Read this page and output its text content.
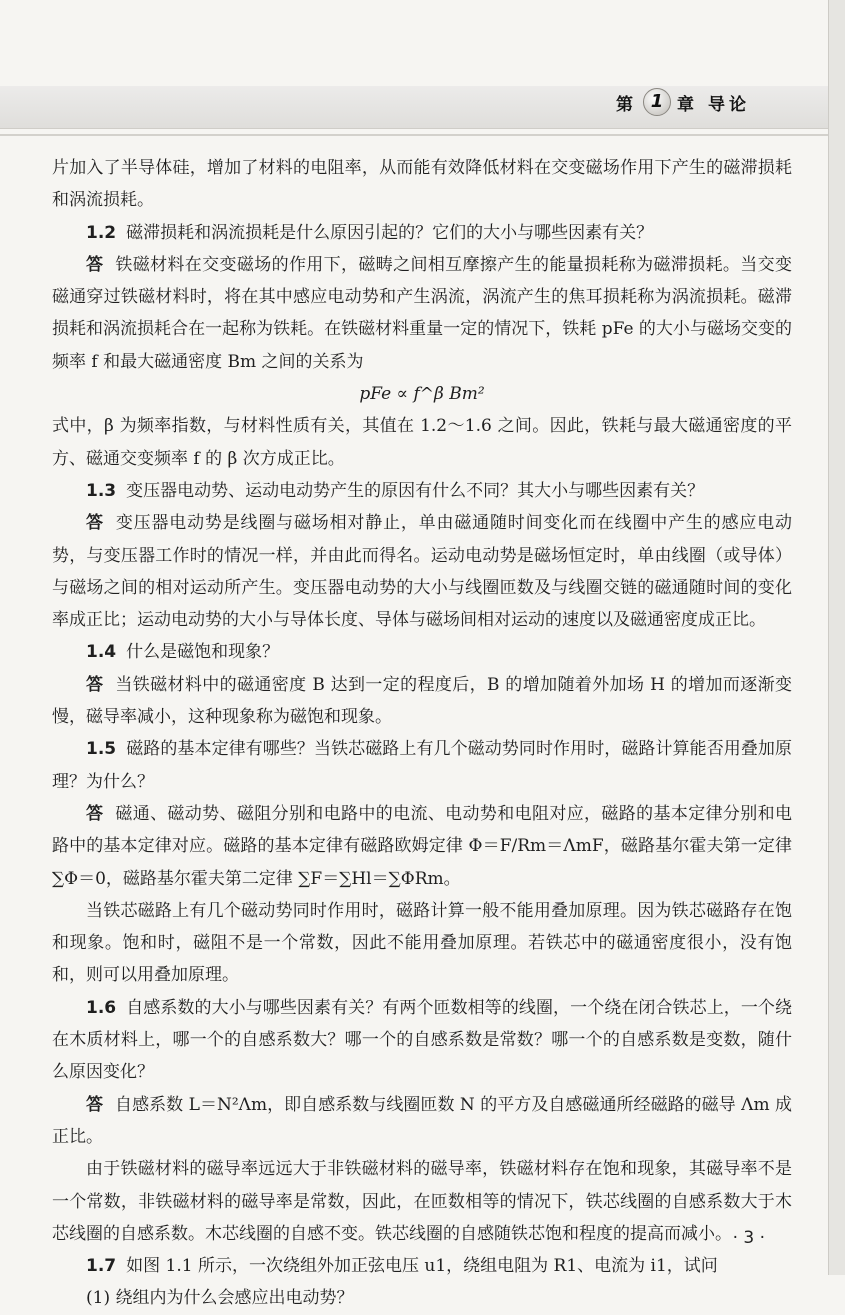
第 1 章 导论

片加入了半导体硅，增加了材料的电阻率，从而能有效降低材料在交变磁场作用下产生的磁滞损耗和涡流损耗。

1.2 磁滞损耗和涡流损耗是什么原因引起的？它们的大小与哪些因素有关？

答 铁磁材料在交变磁场的作用下，磁畴之间相互摩擦产生的能量损耗称为磁滞损耗。当交变磁通穿过铁磁材料时，将在其中感应电动势和产生涡流，涡流产生的焦耳损耗称为涡流损耗。磁滞损耗和涡流损耗合在一起称为铁耗。在铁磁材料重量一定的情况下，铁耗 pFe 的大小与磁场交变的频率 f 和最大磁通密度 Bm 之间的关系为

pFe ∝ f^β Bm²

式中，β 为频率指数，与材料性质有关，其值在 1.2～1.6 之间。因此，铁耗与最大磁通密度的平方、磁通交变频率 f 的 β 次方成正比。

1.3 变压器电动势、运动电动势产生的原因有什么不同？其大小与哪些因素有关？

答 变压器电动势是线圈与磁场相对静止，单由磁通随时间变化而在线圈中产生的感应电动势，与变压器工作时的情况一样，并由此而得名。运动电动势是磁场恒定时，单由线圈（或导体）与磁场之间的相对运动所产生。变压器电动势的大小与线圈匝数及与线圈交链的磁通随时间的变化率成正比；运动电动势的大小与导体长度、导体与磁场间相对运动的速度以及磁通密度成正比。

1.4 什么是磁饱和现象？

答 当铁磁材料中的磁通密度 B 达到一定的程度后，B 的增加随着外加场 H 的增加而逐渐变慢，磁导率减小，这种现象称为磁饱和现象。

1.5 磁路的基本定律有哪些？当铁芯磁路上有几个磁动势同时作用时，磁路计算能否用叠加原理？为什么？

答 磁通、磁动势、磁阻分别和电路中的电流、电动势和电阻对应，磁路的基本定律分别和电路中的基本定律对应。磁路的基本定律有磁路欧姆定律 Φ＝F/Rm＝ΛmF，磁路基尔霍夫第一定律 ∑Φ＝0，磁路基尔霍夫第二定律 ∑F＝∑Hl＝∑ΦRm。

当铁芯磁路上有几个磁动势同时作用时，磁路计算一般不能用叠加原理。因为铁芯磁路存在饱和现象。饱和时，磁阻不是一个常数，因此不能用叠加原理。若铁芯中的磁通密度很小，没有饱和，则可以用叠加原理。

1.6 自感系数的大小与哪些因素有关？有两个匝数相等的线圈，一个绕在闭合铁芯上，一个绕在木质材料上，哪一个的自感系数大？哪一个的自感系数是常数？哪一个的自感系数是变数，随什么原因变化？

答 自感系数 L＝N²Λm，即自感系数与线圈匝数 N 的平方及自感磁通所经磁路的磁导 Λm 成正比。

由于铁磁材料的磁导率远远大于非铁磁材料的磁导率，铁磁材料存在饱和现象，其磁导率不是一个常数，非铁磁材料的磁导率是常数，因此，在匝数相等的情况下，铁芯线圈的自感系数大于木芯线圈的自感系数。木芯线圈的自感不变。铁芯线圈的自感随铁芯饱和程度的提高而减小。

1.7 如图 1.1 所示，一次绕组外加正弦电压 u1，绕组电阻为 R1、电流为 i1，试问

(1) 绕组内为什么会感应出电动势？

· 3 ·
